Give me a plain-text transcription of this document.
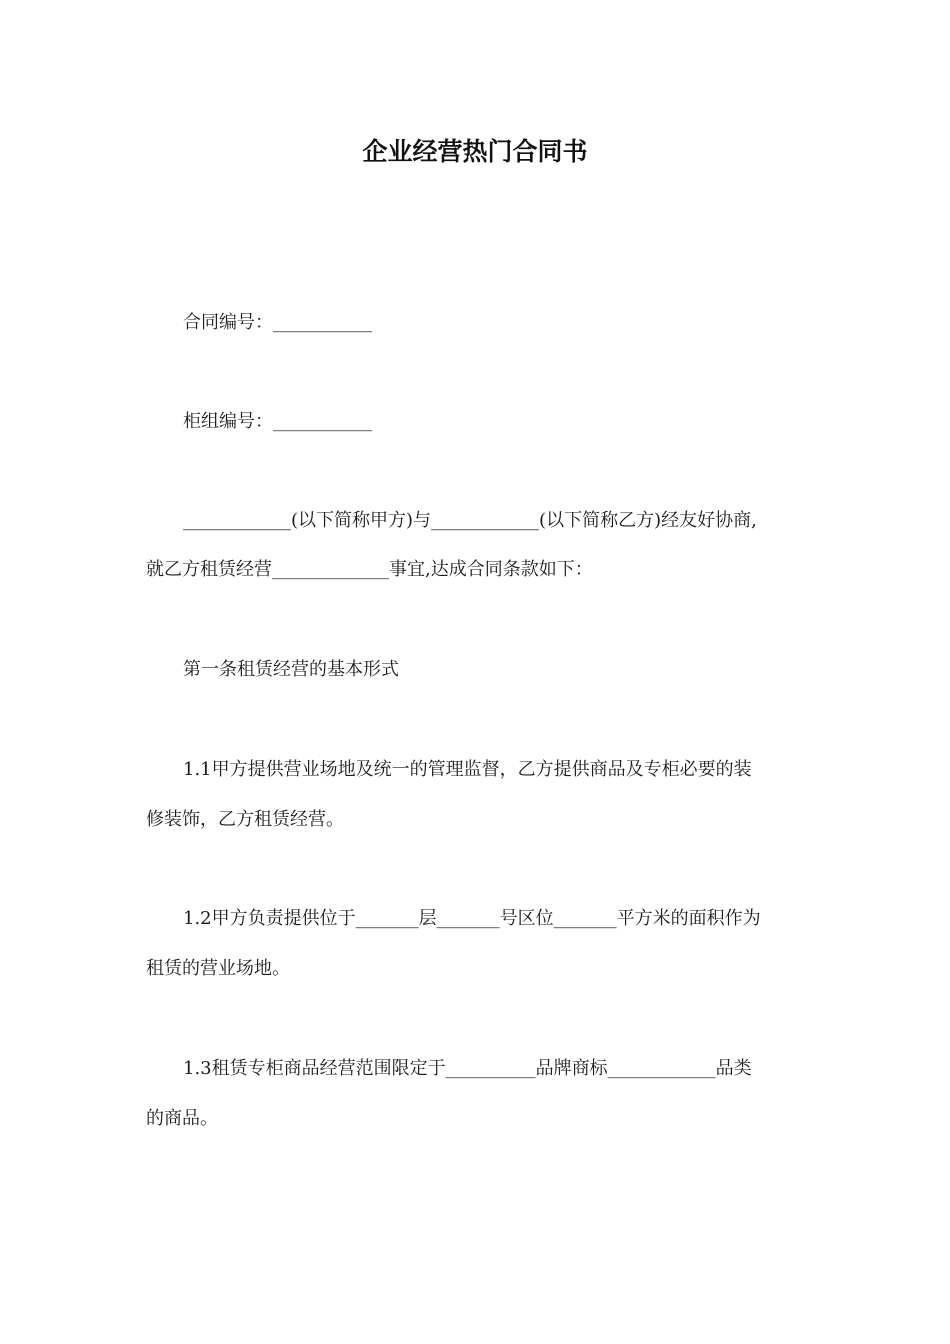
企业经营热门合同书
合同编号：___________
柜组编号：___________
____________(以下简称甲方)与____________(以下简称乙方)经友好协商,
就乙方租赁经营_____________事宜,达成合同条款如下：
第一条租赁经营的基本形式
1.1甲方提供营业场地及统一的管理监督，乙方提供商品及专柜必要的装
修装饰，乙方租赁经营。
1.2甲方负责提供位于_______层_______号区位_______平方米的面积作为
租赁的营业场地。
1.3租赁专柜商品经营范围限定于__________品牌商标____________品类
的商品。
